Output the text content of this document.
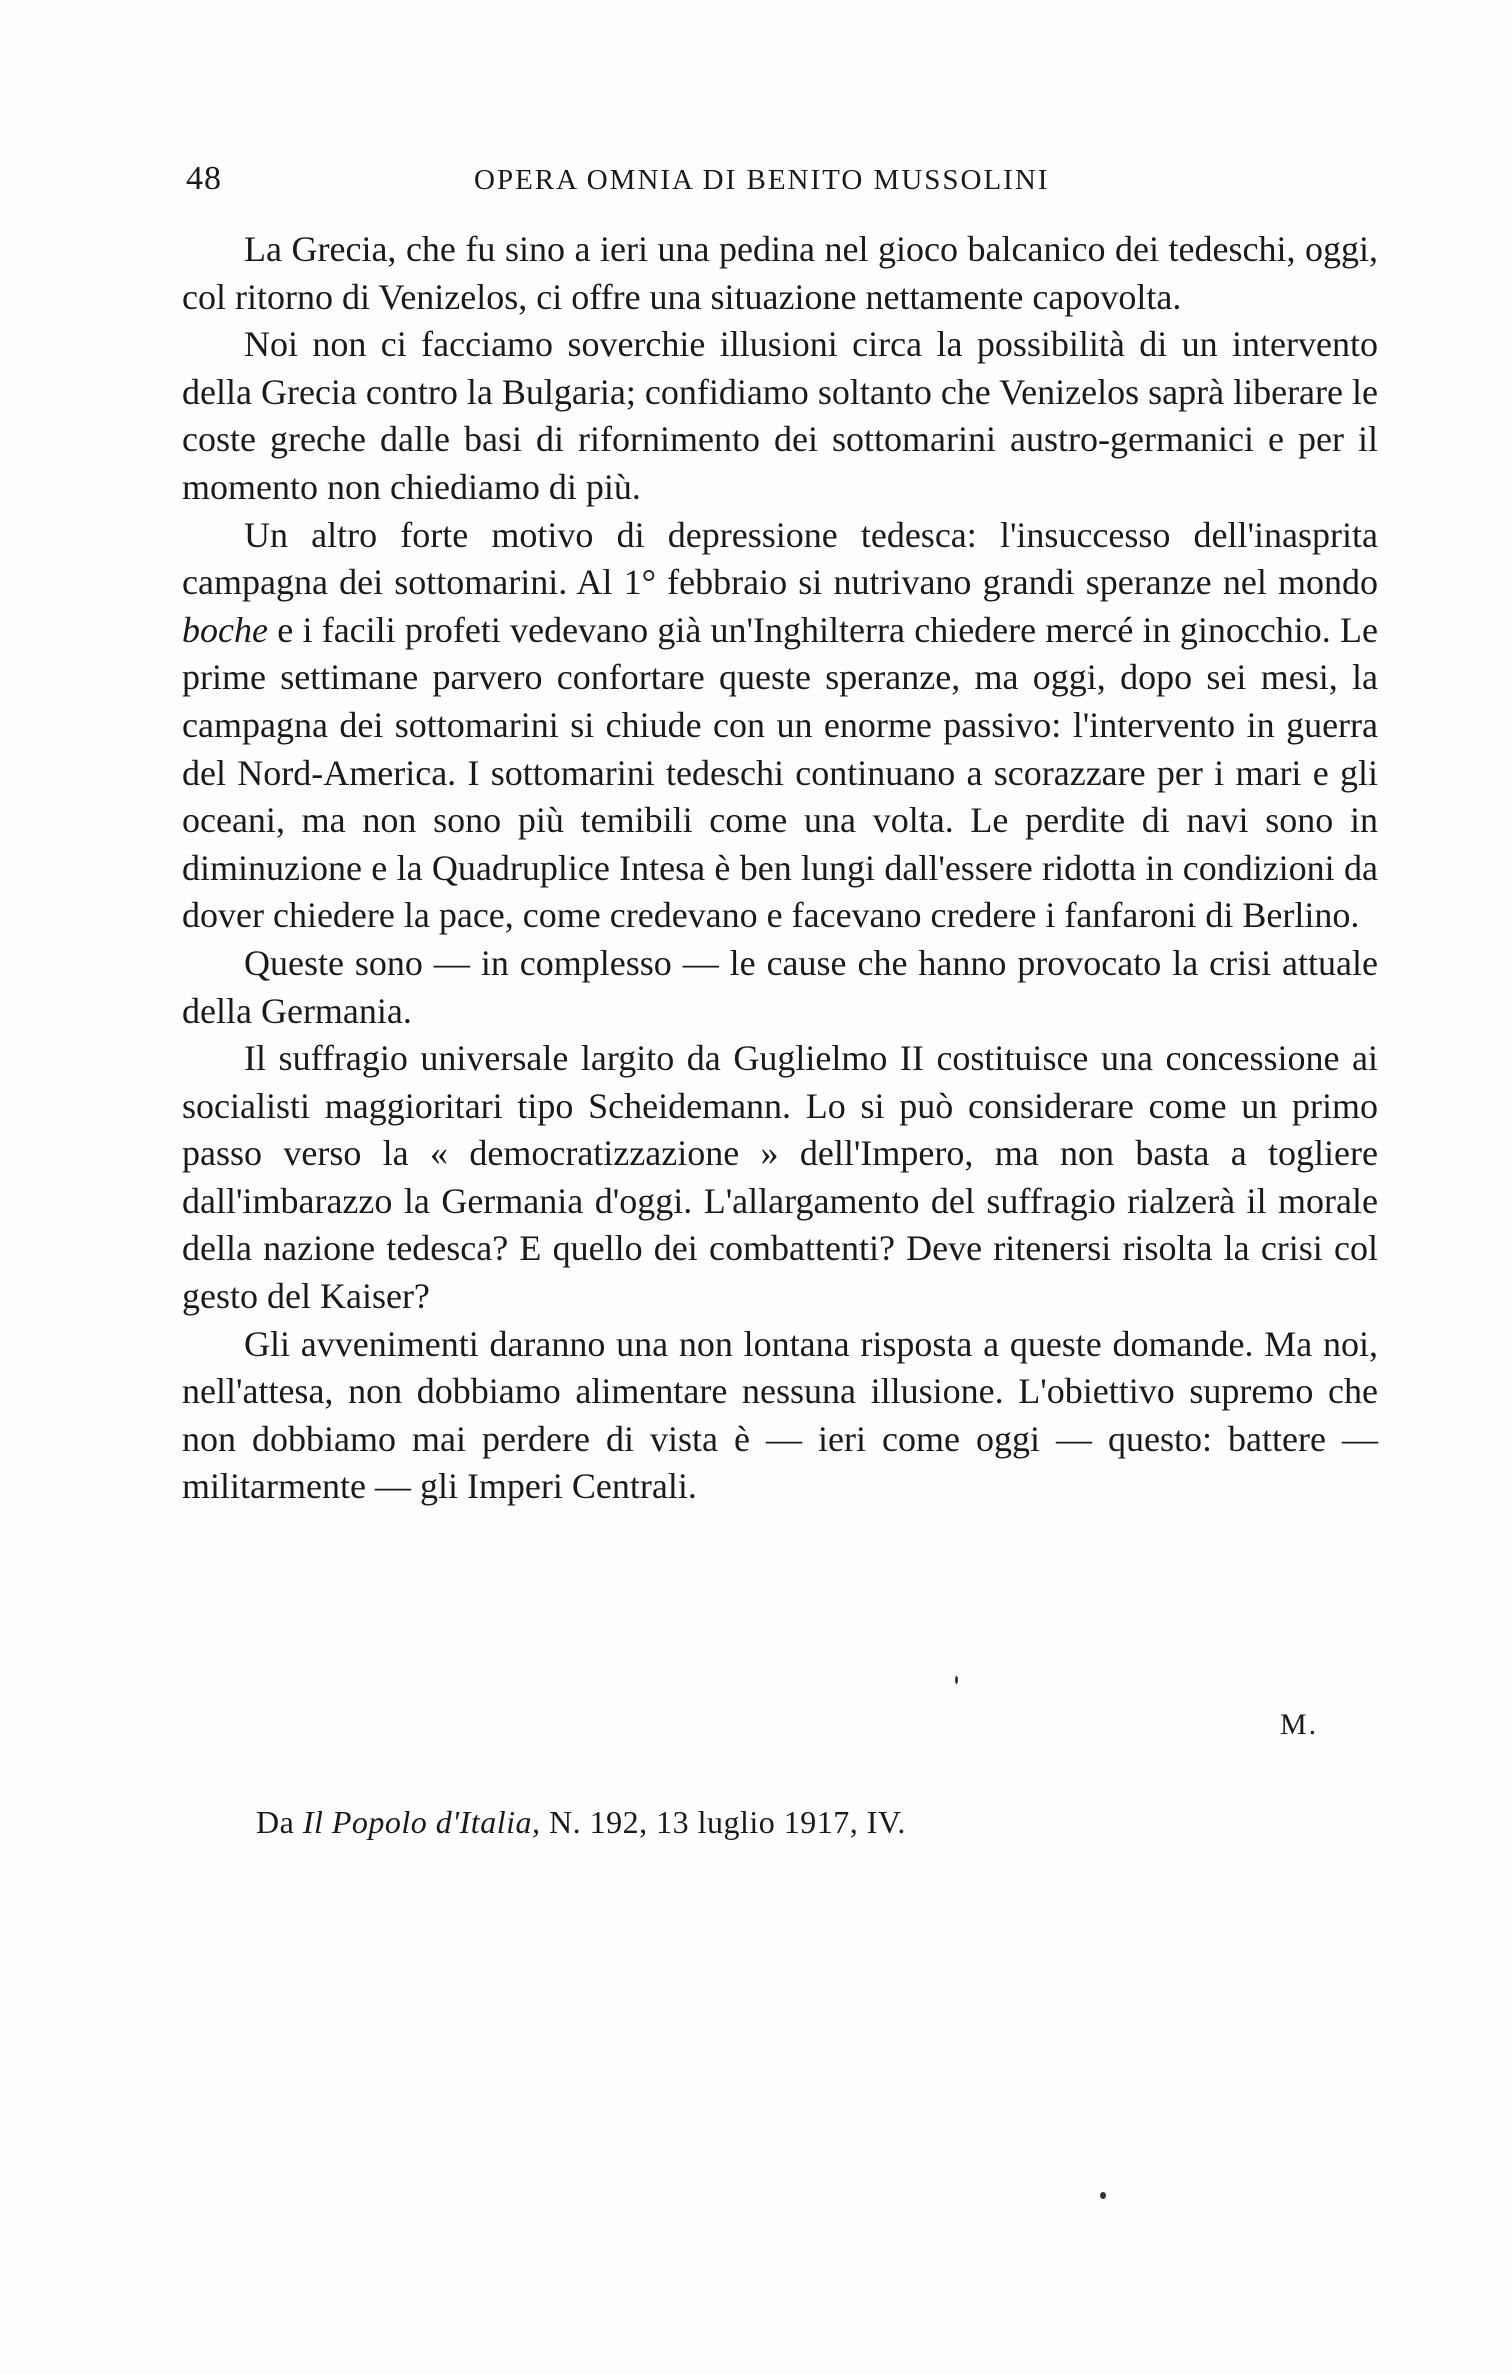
48	OPERA OMNIA DI BENITO MUSSOLINI

La Grecia, che fu sino a ieri una pedina nel gioco balcanico dei tedeschi, oggi, col ritorno di Venizelos, ci offre una situazione nettamente capovolta.

Noi non ci facciamo soverchie illusioni circa la possibilità di un intervento della Grecia contro la Bulgaria; confidiamo soltanto che Venizelos saprà liberare le coste greche dalle basi di rifornimento dei sottomarini austro-germanici e per il momento non chiediamo di più.

Un altro forte motivo di depressione tedesca: l'insuccesso dell'inasprita campagna dei sottomarini. Al 1° febbraio si nutrivano grandi speranze nel mondo boche e i facili profeti vedevano già un'Inghilterra chiedere mercé in ginocchio. Le prime settimane parvero confortare queste speranze, ma oggi, dopo sei mesi, la campagna dei sottomarini si chiude con un enorme passivo: l'intervento in guerra del Nord-America. I sottomarini tedeschi continuano a scorazzare per i mari e gli oceani, ma non sono più temibili come una volta. Le perdite di navi sono in diminuzione e la Quadruplice Intesa è ben lungi dall'essere ridotta in condizioni da dover chiedere la pace, come credevano e facevano credere i fanfaroni di Berlino.

Queste sono — in complesso — le cause che hanno provocato la crisi attuale della Germania.

Il suffragio universale largito da Guglielmo II costituisce una concessione ai socialisti maggioritari tipo Scheidemann. Lo si può considerare come un primo passo verso la « democratizzazione » dell'Impero, ma non basta a togliere dall'imbarazzo la Germania d'oggi. L'allargamento del suffragio rialzerà il morale della nazione tedesca? E quello dei combattenti? Deve ritenersi risolta la crisi col gesto del Kaiser?

Gli avvenimenti daranno una non lontana risposta a queste domande. Ma noi, nell'attesa, non dobbiamo alimentare nessuna illusione. L'obiettivo supremo che non dobbiamo mai perdere di vista è — ieri come oggi — questo: battere — militarmente — gli Imperi Centrali.

M.
Da Il Popolo d'Italia, N. 192, 13 luglio 1917, IV.
